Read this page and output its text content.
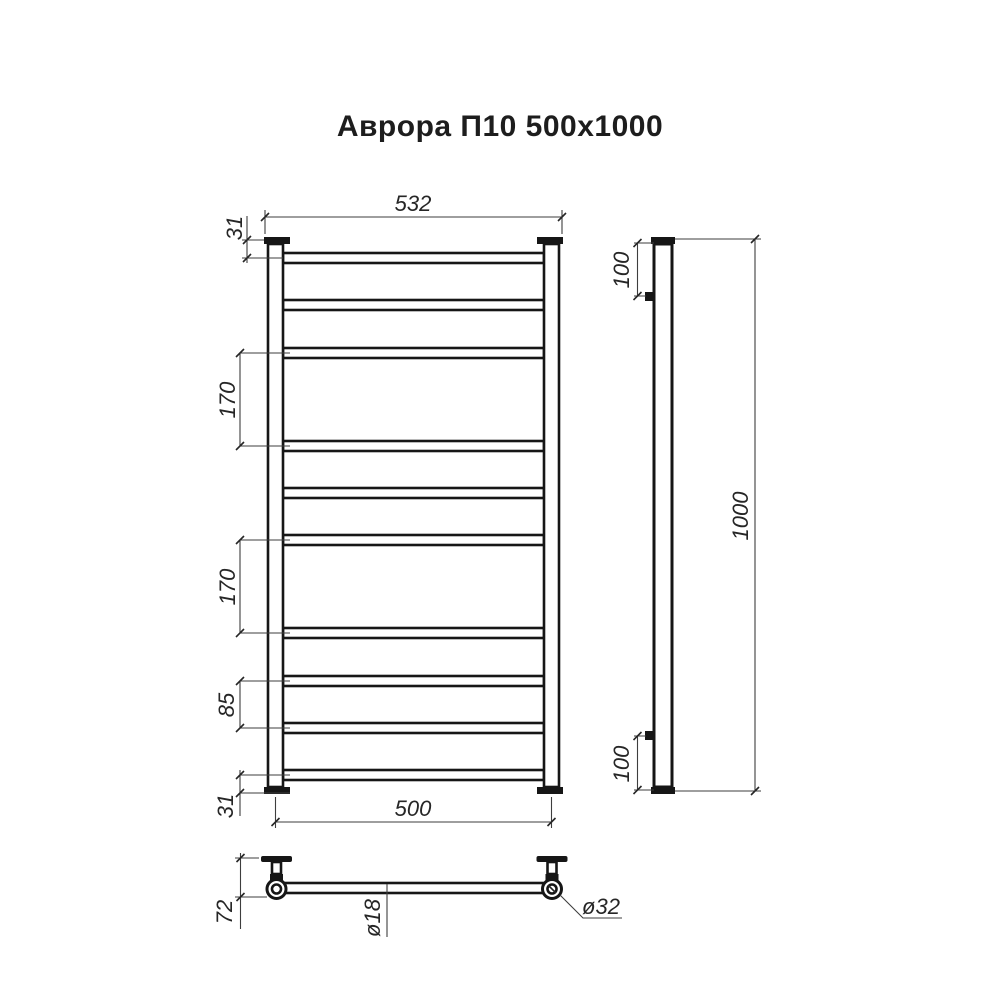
Аврора П10 500x1000
532
31
170
170
85
31	500
100
1000
100
72	ø18	ø32
